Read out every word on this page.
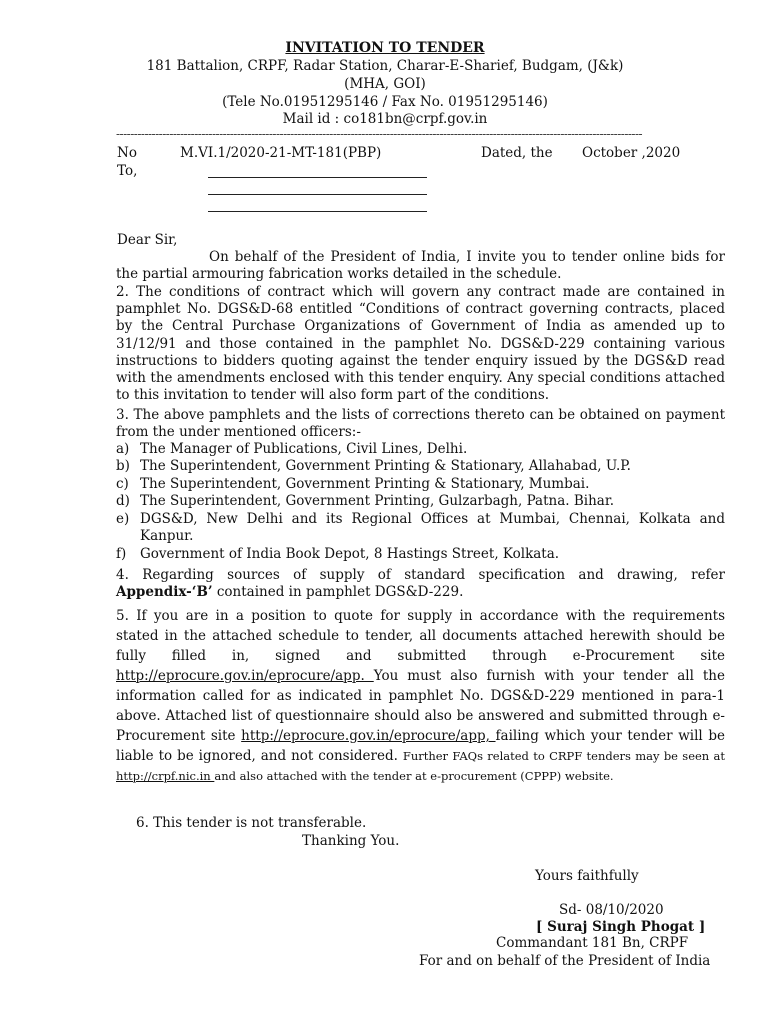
INVITATION TO TENDER
181 Battalion, CRPF, Radar Station, Charar-E-Sharief, Budgam, (J&k)
(MHA, GOI)
(Tele No.01951295146 / Fax No. 01951295146)
Mail id : co181bn@crpf.gov.in
----------------------------------------------------------------------------------------------------------------------------------------------------
No	M.VI.1/2020-21-MT-181(PBP)	Dated, the October ,2020
To,
Dear Sir,
On behalf of the President of India, I invite you to tender online bids for the partial armouring fabrication works detailed in the schedule.
2. The conditions of contract which will govern any contract made are contained in pamphlet No. DGS&D-68 entitled “Conditions of contract governing contracts, placed by the Central Purchase Organizations of Government of India as amended up to 31/12/91 and those contained in the pamphlet No. DGS&D-229 containing various instructions to bidders quoting against the tender enquiry issued by the DGS&D read with the amendments enclosed with this tender enquiry. Any special conditions attached to this invitation to tender will also form part of the conditions.
3. The above pamphlets and the lists of corrections thereto can be obtained on payment from the under mentioned officers:-
a) The Manager of Publications, Civil Lines, Delhi.
b) The Superintendent, Government Printing & Stationary, Allahabad, U.P.
c) The Superintendent, Government Printing & Stationary, Mumbai.
d) The Superintendent, Government Printing, Gulzarbagh, Patna. Bihar.
e) DGS&D, New Delhi and its Regional Offices at Mumbai, Chennai, Kolkata and Kanpur.
f) Government of India Book Depot, 8 Hastings Street, Kolkata.
4. Regarding sources of supply of standard specification and drawing, refer Appendix-‘B’ contained in pamphlet DGS&D-229.
5. If you are in a position to quote for supply in accordance with the requirements stated in the attached schedule to tender, all documents attached herewith should be fully filled in, signed and submitted through e-Procurement site http://eprocure.gov.in/eprocure/app. You must also furnish with your tender all the information called for as indicated in pamphlet No. DGS&D-229 mentioned in para-1 above. Attached list of questionnaire should also be answered and submitted through e-Procurement site http://eprocure.gov.in/eprocure/app, failing which your tender will be liable to be ignored, and not considered. Further FAQs related to CRPF tenders may be seen at http://crpf.nic.in and also attached with the tender at e-procurement (CPPP) website.
6. This tender is not transferable.
Thanking You.
Yours faithfully
Sd- 08/10/2020
[ Suraj Singh Phogat ]
Commandant 181 Bn, CRPF
For and on behalf of the President of India
